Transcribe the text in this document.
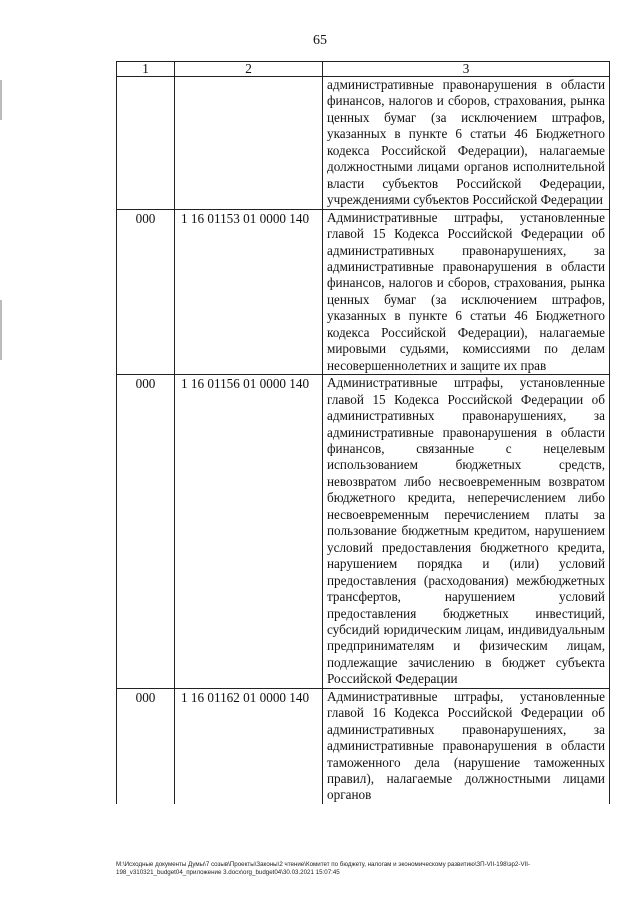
65
1	2	3
		административные правонарушения в области финансов, налогов и сборов, страхования, рынка ценных бумаг (за исключением штрафов, указанных в пункте 6 статьи 46 Бюджетного кодекса Российской Федерации), налагаемые должностными лицами органов исполнительной власти субъектов Российской Федерации, учреждениями субъектов Российской Федерации
000	1 16 01153 01 0000 140	Административные штрафы, установленные главой 15 Кодекса Российской Федерации об административных правонарушениях, за административные правонарушения в области финансов, налогов и сборов, страхования, рынка ценных бумаг (за исключением штрафов, указанных в пункте 6 статьи 46 Бюджетного кодекса Российской Федерации), налагаемые мировыми судьями, комиссиями по делам несовершеннолетних и защите их прав
000	1 16 01156 01 0000 140	Административные штрафы, установленные главой 15 Кодекса Российской Федерации об административных правонарушениях, за административные правонарушения в области финансов, связанные с нецелевым использованием бюджетных средств, невозвратом либо несвоевременным возвратом бюджетного кредита, неперечислением либо несвоевременным перечислением платы за пользование бюджетным кредитом, нарушением условий предоставления бюджетного кредита, нарушением порядка и (или) условий предоставления (расходования) межбюджетных трансфертов, нарушением условий предоставления бюджетных инвестиций, субсидий юридическим лицам, индивидуальным предпринимателям и физическим лицам, подлежащие зачислению в бюджет субъекта Российской Федерации
000	1 16 01162 01 0000 140	Административные штрафы, установленные главой 16 Кодекса Российской Федерации об административных правонарушениях, за административные правонарушения в области таможенного дела (нарушение таможенных правил), налагаемые должностными лицами органов
M:\Исходные документы Думы\7 созыв\Проекты\Законы\2 чтение\Комитет по бюджету, налогам и экономическому развитию\ЗП-VII-198\эр2-VII-
198_v310321_budget04_приложение 3.docx\org_budget04\30.03.2021 15:07:45
